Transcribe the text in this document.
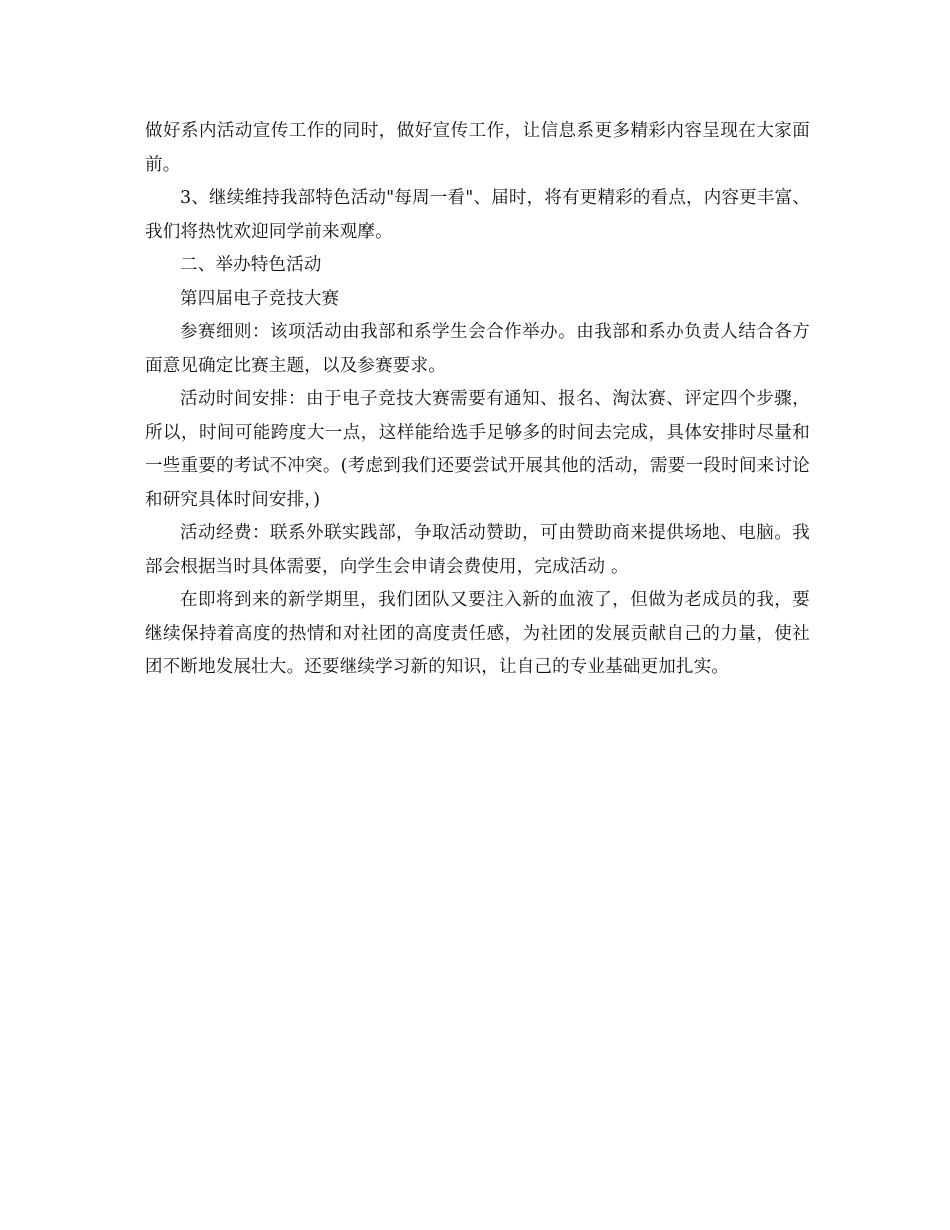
做好系内活动宣传工作的同时，做好宣传工作，让信息系更多精彩内容呈现在大家面前。

3、继续维持我部特色活动"每周一看"、届时，将有更精彩的看点，内容更丰富、我们将热忱欢迎同学前来观摩。

二、举办特色活动

第四届电子竞技大赛

参赛细则：该项活动由我部和系学生会合作举办。由我部和系办负责人结合各方面意见确定比赛主题，以及参赛要求。

活动时间安排：由于电子竞技大赛需要有通知、报名、淘汰赛、评定四个步骤，所以，时间可能跨度大一点，这样能给选手足够多的时间去完成，具体安排时尽量和一些重要的考试不冲突。(考虑到我们还要尝试开展其他的活动，需要一段时间来讨论和研究具体时间安排，)

活动经费：联系外联实践部，争取活动赞助，可由赞助商来提供场地、电脑。我部会根据当时具体需要，向学生会申请会费使用，完成活动 。

在即将到来的新学期里，我们团队又要注入新的血液了，但做为老成员的我，要继续保持着高度的热情和对社团的高度责任感，为社团的发展贡献自己的力量，使社团不断地发展壮大。还要继续学习新的知识，让自己的专业基础更加扎实。
